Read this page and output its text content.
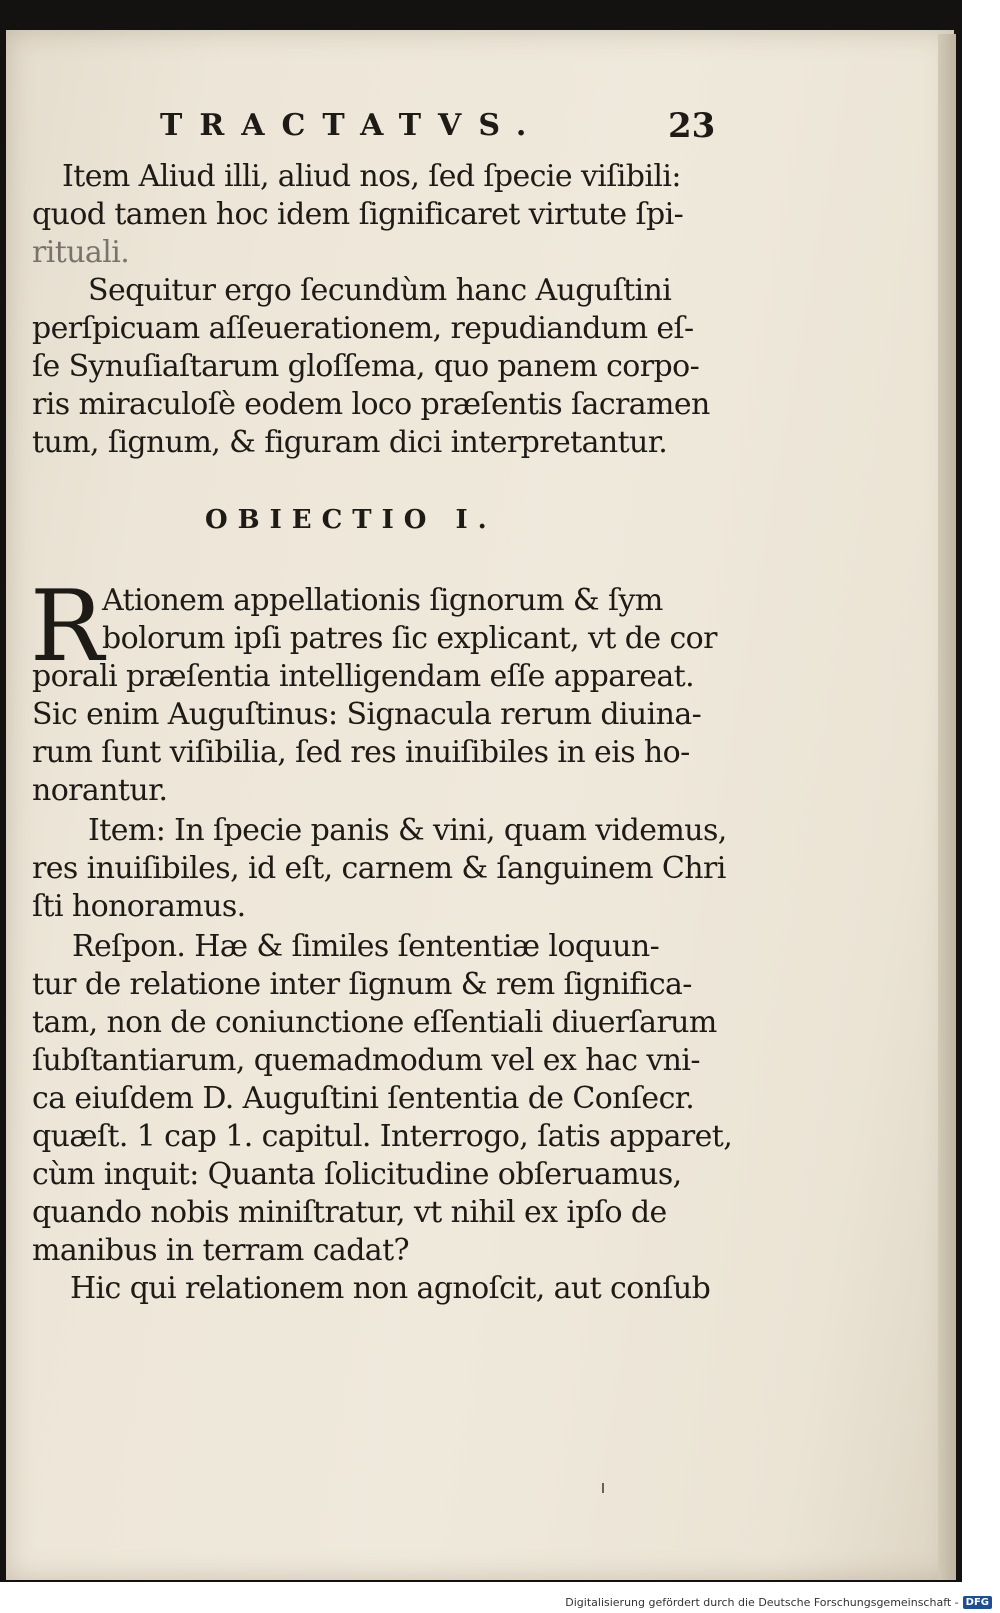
TRACTATVS.	23
Item Aliud illi, aliud nos, ſed ſpecie viſibili:
quod tamen hoc idem ſignificaret virtute ſpi-
rituali.
Sequitur ergo ſecundùm hanc Auguſtini
perſpicuam aſſeuerationem, repudiandum eſ-
ſe Synuſiaſtarum gloſſema, quo panem corpo-
ris miraculoſè eodem loco præſentis ſacramen
tum, ſignum, & figuram dici interpretantur.
OBIECTIO I.
R
Ationem appellationis ſignorum & ſym
bolorum ipſi patres ſic explicant, vt de cor
porali præſentia intelligendam eſſe appareat.
Sic enim Auguſtinus: Signacula rerum diuina-
rum ſunt viſibilia, ſed res inuiſibiles in eis ho-
norantur.
Item: In ſpecie panis & vini, quam videmus,
res inuiſibiles, id eſt, carnem & ſanguinem Chri
ſti honoramus.
Reſpon. Hæ & ſimiles ſententiæ loquun-
tur de relatione inter ſignum & rem ſignifica-
tam, non de coniunctione eſſentiali diuerſarum
ſubſtantiarum, quemadmodum vel ex hac vni-
ca eiuſdem D. Auguſtini ſententia de Conſecr.
quæſt. 1 cap 1. capitul. Interrogo, ſatis apparet,
cùm inquit: Quanta ſolicitudine obſeruamus,
quando nobis miniſtratur, vt nihil ex ipſo de
manibus in terram cadat?
Hic qui relationem non agnoſcit, aut conſub
Digitalisierung gefördert durch die Deutsche Forschungsgemeinschaft - DFG
